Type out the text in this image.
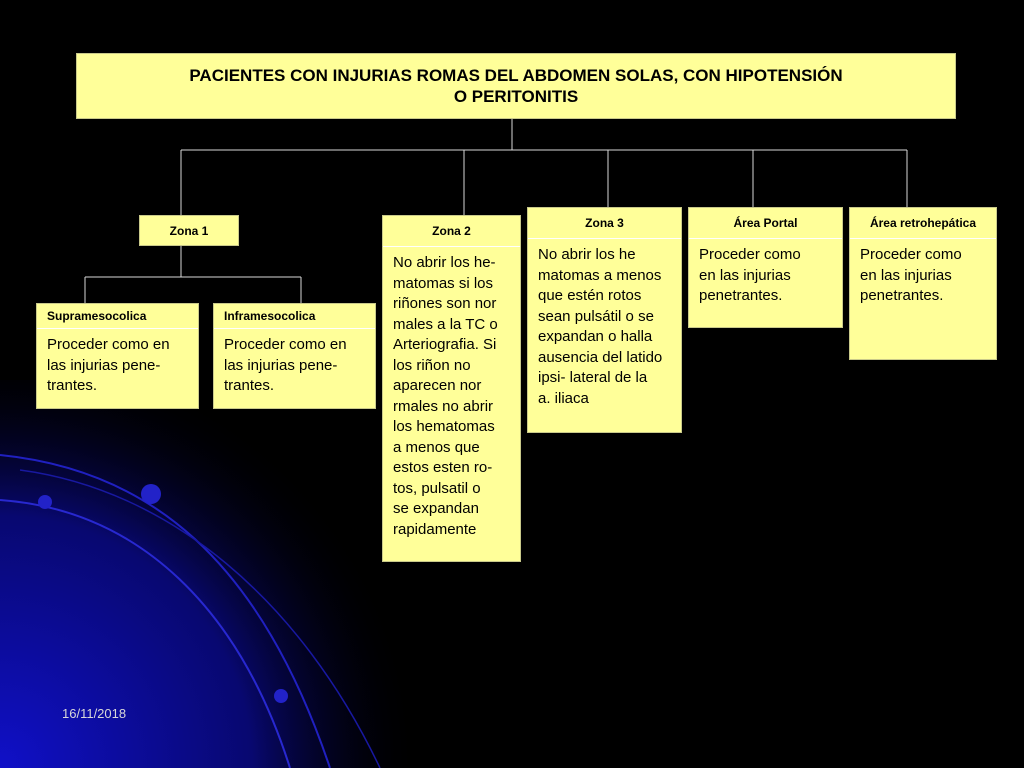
PACIENTES CON INJURIAS ROMAS DEL ABDOMEN SOLAS, CON HIPOTENSIÓN
O PERITONITIS
Zona 1
Supramesocolica
Proceder como en
las injurias pene-
trantes.
Inframesocolica
Proceder como en
las injurias pene-
trantes.
Zona 2
No abrir los he-
matomas si los
riñones son nor
males a la TC o
Arteriografia. Si
los riñon no
aparecen nor
rmales no abrir
los hematomas
a menos que
estos esten ro-
tos, pulsatil o
se expandan
rapidamente
Zona 3
No abrir los he
matomas a menos
que estén rotos
sean pulsátil o se
expandan o halla
ausencia del latido
ipsi- lateral de la
a. iliaca
Área Portal
Proceder como
en las injurias
penetrantes.
Área retrohepática
Proceder como
en las injurias
penetrantes.
16/11/2018
